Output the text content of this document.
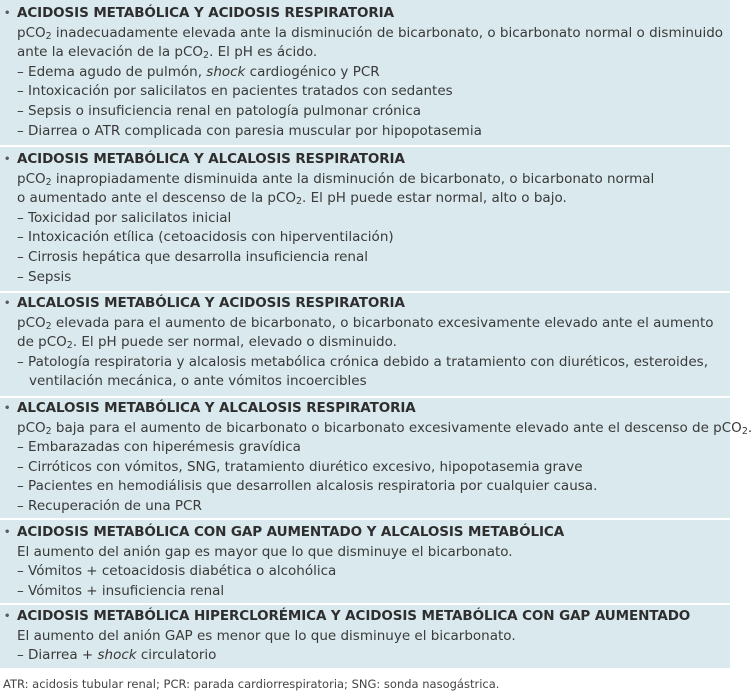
• ACIDOSIS METABÓLICA Y ACIDOSIS RESPIRATORIA
pCO$_2$ inadecuadamente elevada ante la disminución de bicarbonato, o bicarbonato normal o disminuido
ante la elevación de la pCO$_2$. El pH es ácido.
– Edema agudo de pulmón, shock cardiogénico y PCR
– Intoxicación por salicilatos en pacientes tratados con sedantes
– Sepsis o insuficiencia renal en patología pulmonar crónica
– Diarrea o ATR complicada con paresia muscular por hipopotasemia
• ACIDOSIS METABÓLICA Y ALCALOSIS RESPIRATORIA
pCO$_2$ inapropiadamente disminuida ante la disminución de bicarbonato, o bicarbonato normal
o aumentado ante el descenso de la pCO$_2$. El pH puede estar normal, alto o bajo.
– Toxicidad por salicilatos inicial
– Intoxicación etílica (cetoacidosis con hiperventilación)
– Cirrosis hepática que desarrolla insuficiencia renal
– Sepsis
• ALCALOSIS METABÓLICA Y ACIDOSIS RESPIRATORIA
pCO$_2$ elevada para el aumento de bicarbonato, o bicarbonato excesivamente elevado ante el aumento
de pCO$_2$. El pH puede ser normal, elevado o disminuido.
– Patología respiratoria y alcalosis metabólica crónica debido a tratamiento con diuréticos, esteroides,
ventilación mecánica, o ante vómitos incoercibles
• ALCALOSIS METABÓLICA Y ALCALOSIS RESPIRATORIA
pCO$_2$ baja para el aumento de bicarbonato o bicarbonato excesivamente elevado ante el descenso de pCO$_2$.
– Embarazadas con hiperémesis gravídica
– Cirróticos con vómitos, SNG, tratamiento diurético excesivo, hipopotasemia grave
– Pacientes en hemodiálisis que desarrollen alcalosis respiratoria por cualquier causa.
– Recuperación de una PCR
• ACIDOSIS METABÓLICA CON GAP AUMENTADO Y ALCALOSIS METABÓLICA
El aumento del anión gap es mayor que lo que disminuye el bicarbonato.
– Vómitos + cetoacidosis diabética o alcohólica
– Vómitos + insuficiencia renal
• ACIDOSIS METABÓLICA HIPERCLORÉMICA Y ACIDOSIS METABÓLICA CON GAP AUMENTADO
El aumento del anión GAP es menor que lo que disminuye el bicarbonato.
– Diarrea + shock circulatorio
ATR: acidosis tubular renal; PCR: parada cardiorrespiratoria; SNG: sonda nasogástrica.
